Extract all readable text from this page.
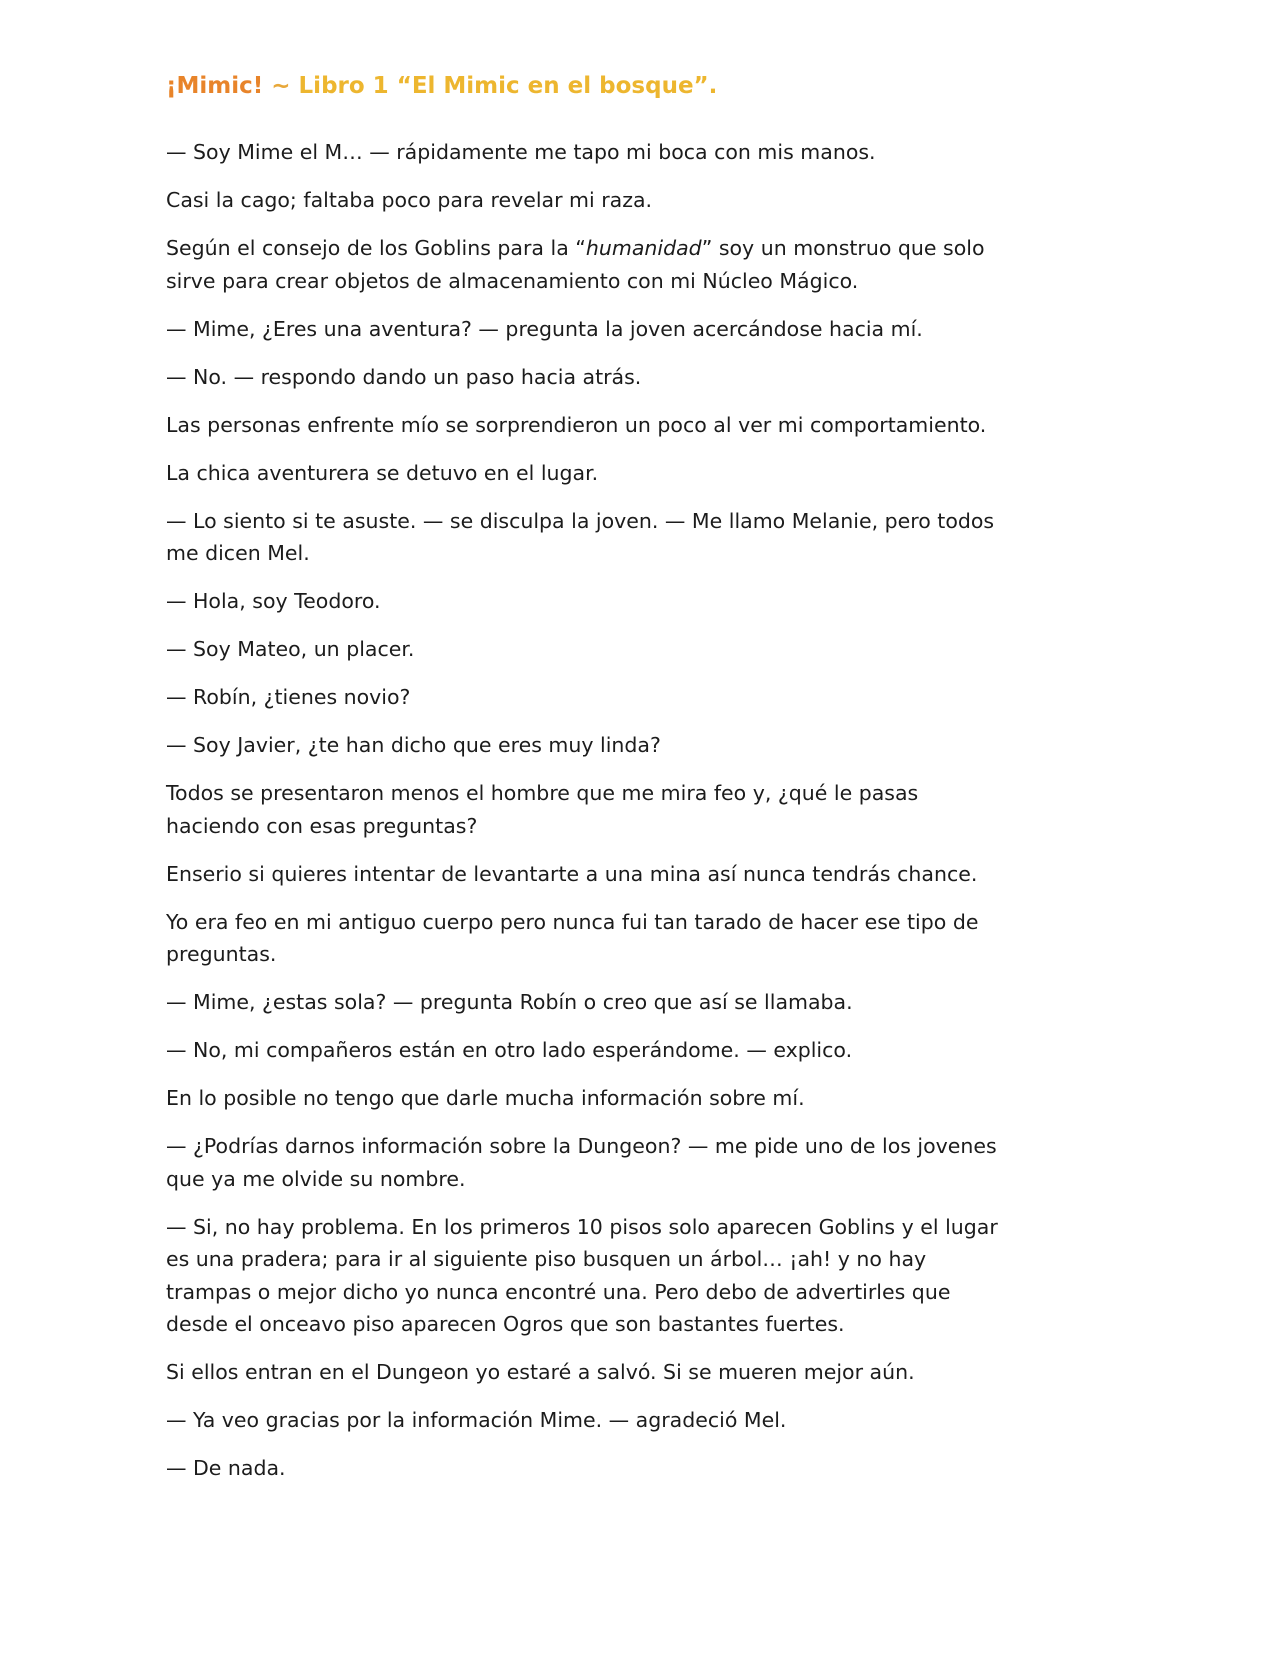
¡Mimic! ~ Libro 1 “El Mimic en el bosque”.

— Soy Mime el M… — rápidamente me tapo mi boca con mis manos.

Casi la cago; faltaba poco para revelar mi raza.

Según el consejo de los Goblins para la “humanidad” soy un monstruo que solo sirve para crear objetos de almacenamiento con mi Núcleo Mágico.

— Mime, ¿Eres una aventura? — pregunta la joven acercándose hacia mí.

— No. — respondo dando un paso hacia atrás.

Las personas enfrente mío se sorprendieron un poco al ver mi comportamiento.

La chica aventurera se detuvo en el lugar.

— Lo siento si te asuste. — se disculpa la joven. — Me llamo Melanie, pero todos me dicen Mel.

— Hola, soy Teodoro.

— Soy Mateo, un placer.

— Robín, ¿tienes novio?

— Soy Javier, ¿te han dicho que eres muy linda?

Todos se presentaron menos el hombre que me mira feo y, ¿qué le pasas haciendo con esas preguntas?

Enserio si quieres intentar de levantarte a una mina así nunca tendrás chance.

Yo era feo en mi antiguo cuerpo pero nunca fui tan tarado de hacer ese tipo de preguntas.

— Mime, ¿estas sola? — pregunta Robín o creo que así se llamaba.

— No, mi compañeros están en otro lado esperándome. — explico.

En lo posible no tengo que darle mucha información sobre mí.

— ¿Podrías darnos información sobre la Dungeon? — me pide uno de los jovenes que ya me olvide su nombre.

— Si, no hay problema. En los primeros 10 pisos solo aparecen Goblins y el lugar es una pradera; para ir al siguiente piso busquen un árbol… ¡ah! y no hay trampas o mejor dicho yo nunca encontré una. Pero debo de advertirles que desde el onceavo piso aparecen Ogros que son bastantes fuertes.

Si ellos entran en el Dungeon yo estaré a salvó. Si se mueren mejor aún.

— Ya veo gracias por la información Mime. — agradeció Mel.

— De nada.
